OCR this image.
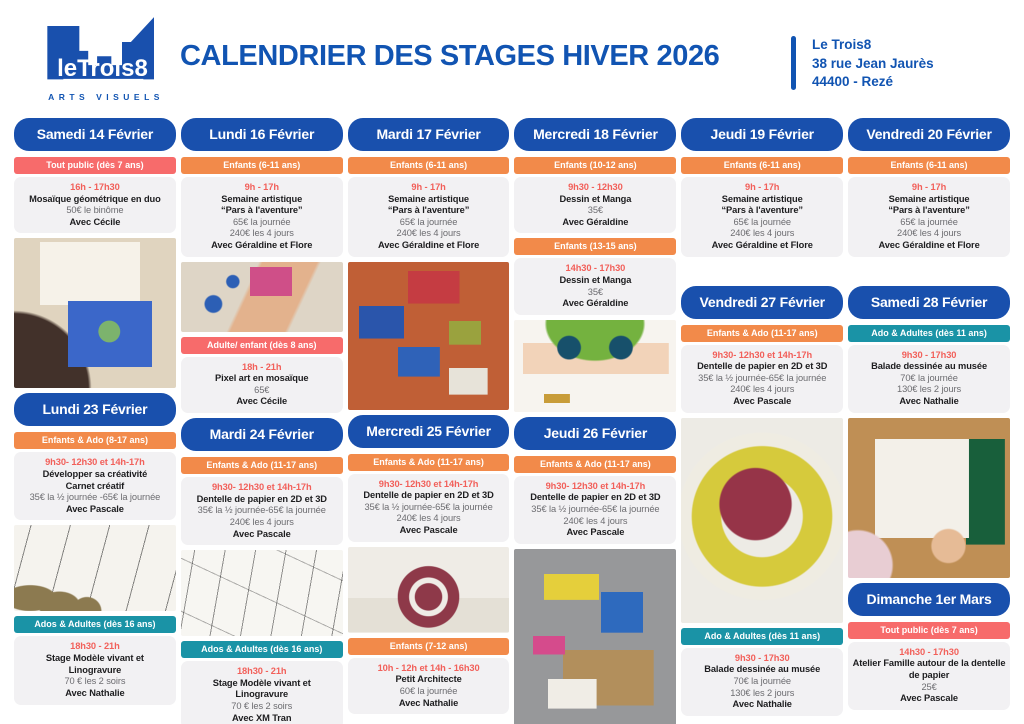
leTrois8
ARTS VISUELS
CALENDRIER DES STAGES HIVER 2026	Le Trois8
38 rue Jean Jaurès
44400 - Rezé
Samedi 14 Février
Tout public (dès 7 ans)
16h - 17h30
Mosaïque géométrique en duo
50€ le binôme
Avec Cécile
Lundi 23 Février
Enfants & Ado (8-17 ans)
9h30- 12h30 et 14h-17h
Développer sa créativité
Carnet créatif
35€ la ½ journée -65€ la journée
Avec Pascale
Ados & Adultes (dès 16 ans)
18h30 - 21h
Stage Modèle vivant et
Linogravure
70 € les 2 soirs
Avec Nathalie
Lundi 16 Février
Enfants (6-11 ans)
9h - 17h
Semaine artistique
“Pars à l'aventure”
65€ la journée
240€ les 4 jours
Avec Géraldine et Flore
Adulte/ enfant (dès 8 ans)
18h - 21h
Pixel art en mosaïque
65€
Avec Cécile
Mardi 24 Février
Enfants & Ado (11-17 ans)
9h30- 12h30 et 14h-17h
Dentelle de papier en 2D et 3D
35€ la ½ journée-65€ la journée
240€ les 4 jours
Avec Pascale
Ados & Adultes (dès 16 ans)
18h30 - 21h
Stage Modèle vivant et
Linogravure
70 € les 2 soirs
Avec XM Tran
Mardi 17 Février
Enfants (6-11 ans)
9h - 17h
Semaine artistique
“Pars à l'aventure”
65€ la journée
240€ les 4 jours
Avec Géraldine et Flore
Mercredi 25 Février
Enfants & Ado (11-17 ans)
9h30- 12h30 et 14h-17h
Dentelle de papier en 2D et 3D
35€ la ½ journée-65€ la journée
240€ les 4 jours
Avec Pascale
Enfants (7-12 ans)
10h - 12h et 14h - 16h30
Petit Architecte
60€ la journée
Avec Nathalie
Mercredi 18 Février
Enfants (10-12 ans)
9h30 - 12h30
Dessin et Manga
35€
Avec Géraldine
Enfants (13-15 ans)
14h30 - 17h30
Dessin et Manga
35€
Avec Géraldine
Jeudi 26 Février
Enfants & Ado (11-17 ans)
9h30- 12h30 et 14h-17h
Dentelle de papier en 2D et 3D
35€ la ½ journée-65€ la journée
240€ les 4 jours
Avec Pascale
Jeudi 19 Février
Enfants (6-11 ans)
9h - 17h
Semaine artistique
“Pars à l'aventure”
65€ la journée
240€ les 4 jours
Avec Géraldine et Flore
Vendredi 27 Février
Enfants & Ado (11-17 ans)
9h30- 12h30 et 14h-17h
Dentelle de papier en 2D et 3D
35€ la ½ journée-65€ la journée
240€ les 4 jours
Avec Pascale
Ado & Adultes (dès 11 ans)
9h30 - 17h30
Balade dessinée au musée
70€ la journée
130€ les 2 jours
Avec Nathalie
Vendredi 20 Février
Enfants (6-11 ans)
9h - 17h
Semaine artistique
“Pars à l'aventure”
65€ la journée
240€ les 4 jours
Avec Géraldine et Flore
Samedi 28 Février
Ado & Adultes (dès 11 ans)
9h30 - 17h30
Balade dessinée au musée
70€ la journée
130€ les 2 jours
Avec Nathalie
Dimanche 1er Mars
Tout public (dès 7 ans)
14h30 - 17h30
Atelier Famille autour de la dentelle de papier
25€
Avec Pascale
